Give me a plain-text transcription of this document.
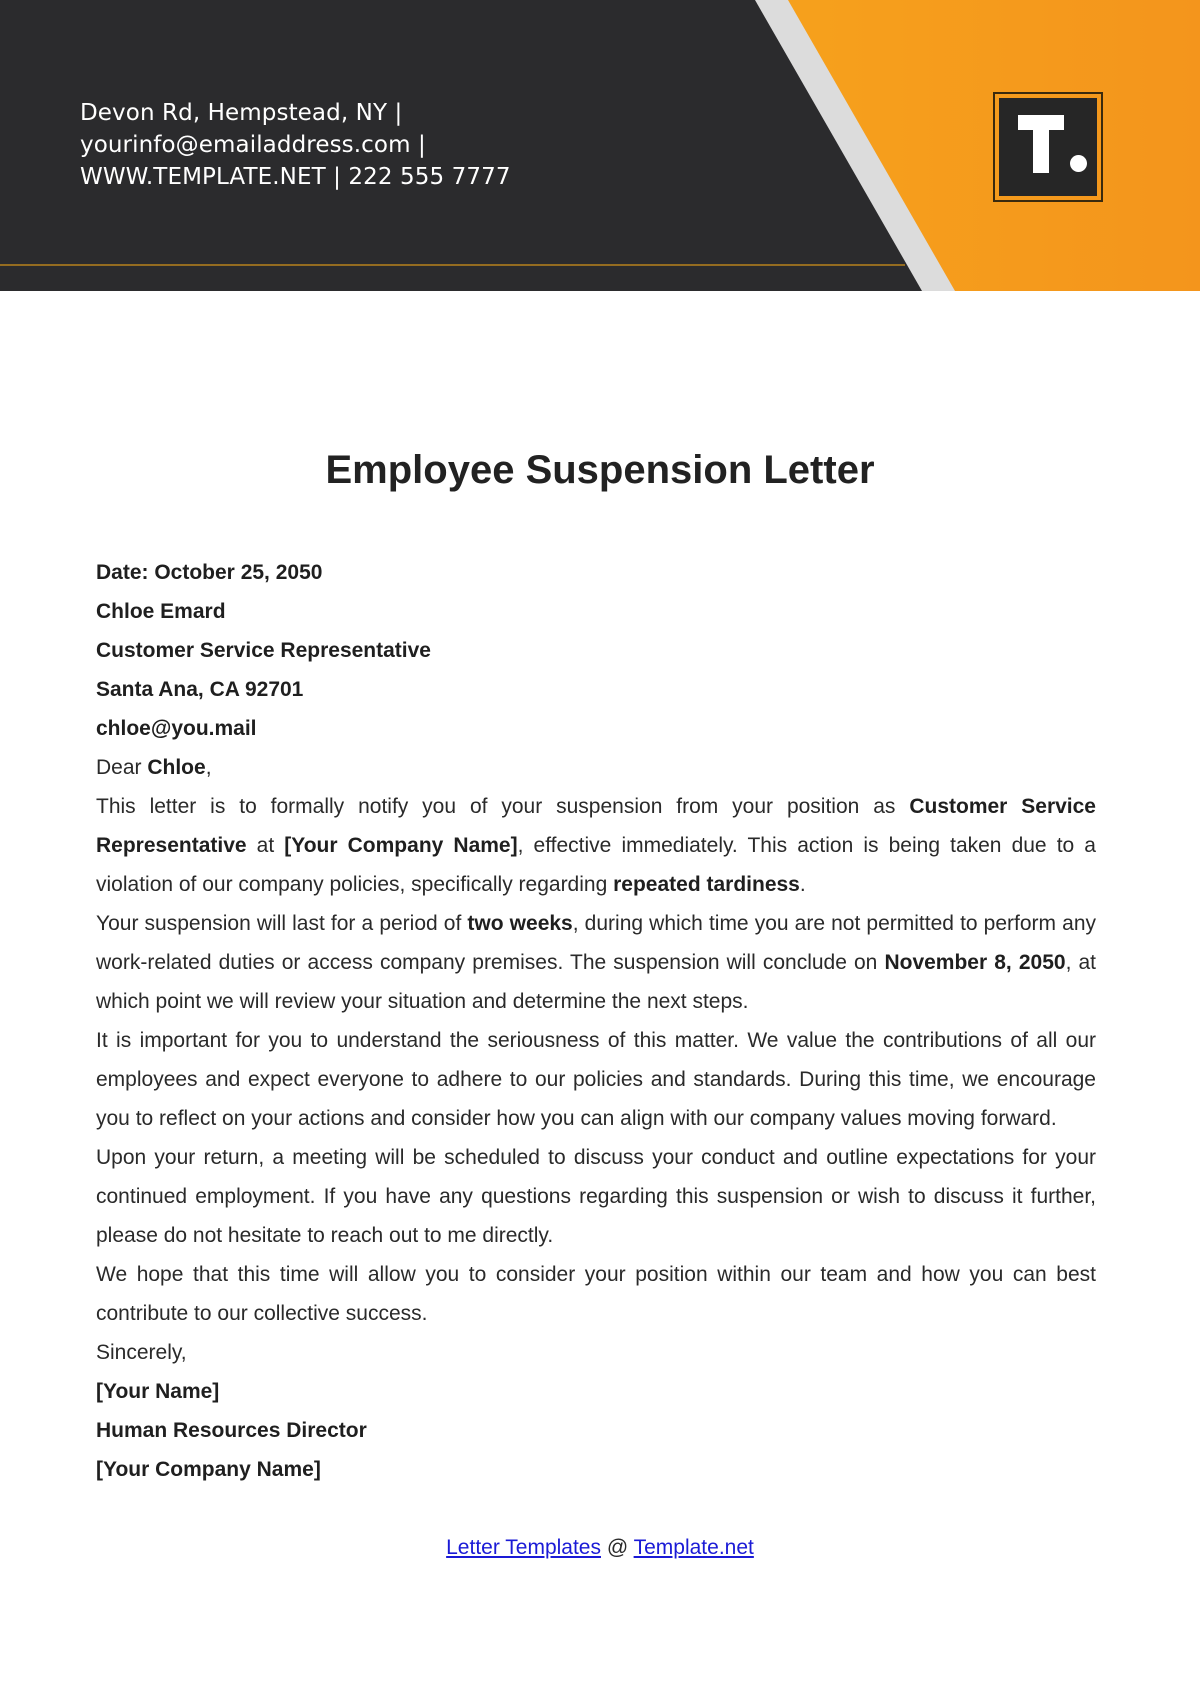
Devon Rd, Hempstead, NY |
yourinfo@emailaddress.com |
WWW.TEMPLATE.NET | 222 555 7777
Employee Suspension Letter
Date: October 25, 2050
Chloe Emard
Customer Service Representative
Santa Ana, CA 92701
chloe@you.mail
Dear Chloe,

This letter is to formally notify you of your suspension from your position as Customer Service Representative at [Your Company Name], effective immediately. This action is being taken due to a violation of our company policies, specifically regarding repeated tardiness.

Your suspension will last for a period of two weeks, during which time you are not permitted to perform any work-related duties or access company premises. The suspension will conclude on November 8, 2050, at which point we will review your situation and determine the next steps.

It is important for you to understand the seriousness of this matter. We value the contributions of all our employees and expect everyone to adhere to our policies and standards. During this time, we encourage you to reflect on your actions and consider how you can align with our company values moving forward.

Upon your return, a meeting will be scheduled to discuss your conduct and outline expectations for your continued employment. If you have any questions regarding this suspension or wish to discuss it further, please do not hesitate to reach out to me directly.

We hope that this time will allow you to consider your position within our team and how you can best contribute to our collective success.

Sincerely,
[Your Name]
Human Resources Director
[Your Company Name]
Letter Templates @ Template.net
